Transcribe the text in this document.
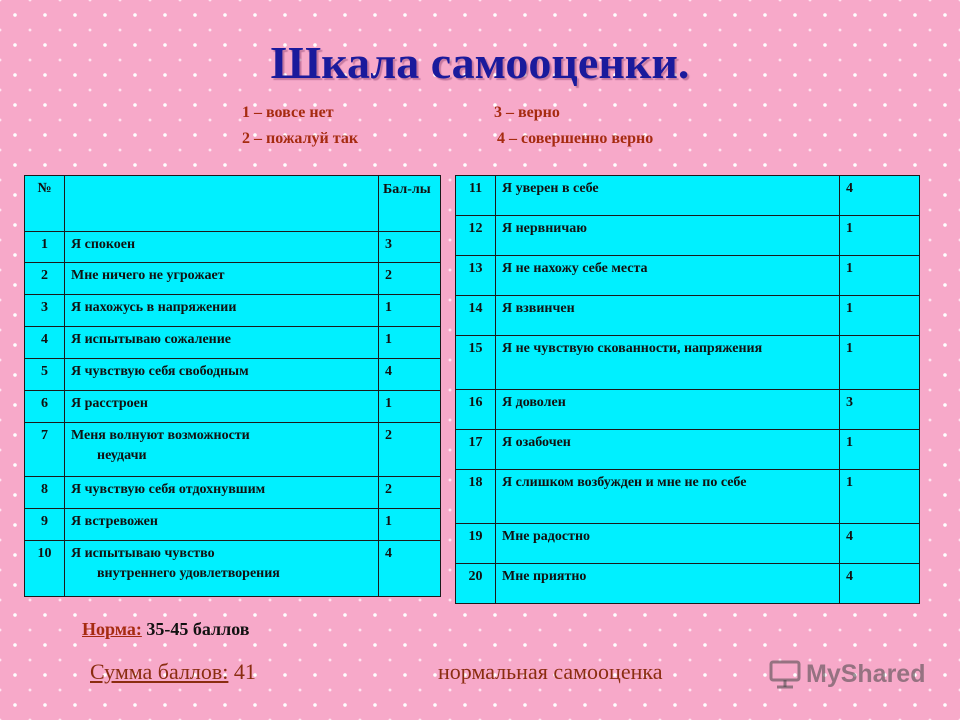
Шкала самооценки.
1 – вовсе нет
2 – пожалуй так
3 – верно
4 – совершенно верно
№		Бал-лы
1	Я спокоен	3
2	Мне ничего не угрожает	2
3	Я нахожусь в напряжении	1
4	Я испытываю сожаление	1
5	Я чувствую себя свободным	4
6	Я расстроен	1
7	Меня волнуют возможности
неудачи	2
8	Я чувствую себя отдохнувшим	2
9	Я встревожен	1
10	Я испытываю чувство
внутреннего удовлетворения	4
11	Я уверен в себе	4
12	Я нервничаю	1
13	Я не нахожу себе места	1
14	Я взвинчен	1
15	Я не чувствую скованности, напряжения	1
16	Я доволен	3
17	Я озабочен	1
18	Я слишком возбужден и мне не по себе	1
19	Мне радостно	4
20	Мне приятно	4
Норма: 35-45 баллов
Сумма баллов: 41	нормальная самооценка	MyShared
